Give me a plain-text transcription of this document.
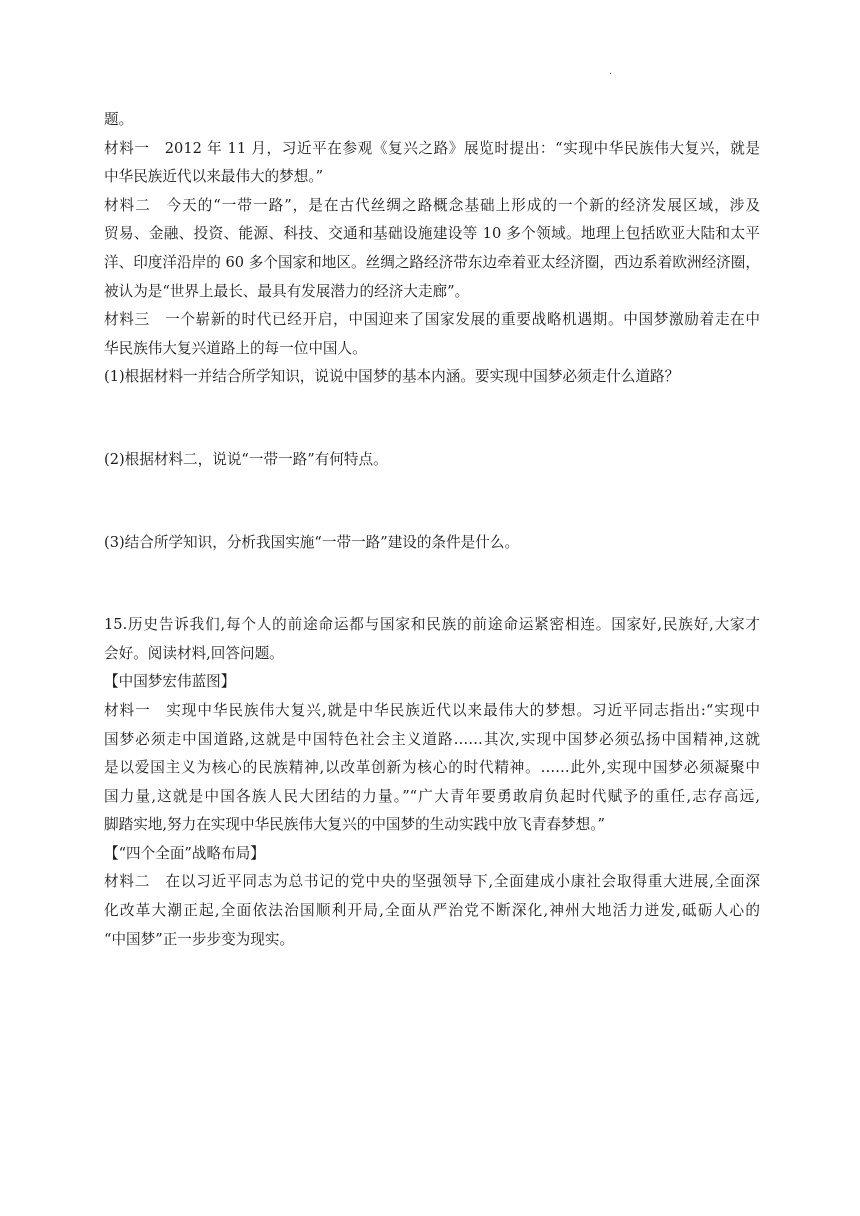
.
题。
材料一　2012 年 11 月，习近平在参观《复兴之路》展览时提出：“实现中华民族伟大复兴，就是
中华民族近代以来最伟大的梦想。”
材料二　今天的“一带一路”，是在古代丝绸之路概念基础上形成的一个新的经济发展区域，涉及
贸易、金融、投资、能源、科技、交通和基础设施建设等 10 多个领域。地理上包括欧亚大陆和太平
洋、印度洋沿岸的 60 多个国家和地区。丝绸之路经济带东边牵着亚太经济圈，西边系着欧洲经济圈，
被认为是“世界上最长、最具有发展潜力的经济大走廊”。
材料三　一个崭新的时代已经开启，中国迎来了国家发展的重要战略机遇期。中国梦激励着走在中
华民族伟大复兴道路上的每一位中国人。
(1)根据材料一并结合所学知识，说说中国梦的基本内涵。要实现中国梦必须走什么道路？
(2)根据材料二，说说“一带一路”有何特点。
(3)结合所学知识，分析我国实施“一带一路”建设的条件是什么。
15.历史告诉我们,每个人的前途命运都与国家和民族的前途命运紧密相连。国家好,民族好,大家才
会好。阅读材料,回答问题。
【中国梦宏伟蓝图】
材料一　实现中华民族伟大复兴,就是中华民族近代以来最伟大的梦想。习近平同志指出:“实现中
国梦必须走中国道路,这就是中国特色社会主义道路……其次,实现中国梦必须弘扬中国精神,这就
是以爱国主义为核心的民族精神,以改革创新为核心的时代精神。……此外,实现中国梦必须凝聚中
国力量,这就是中国各族人民大团结的力量。”“广大青年要勇敢肩负起时代赋予的重任,志存高远,
脚踏实地,努力在实现中华民族伟大复兴的中国梦的生动实践中放飞青春梦想。”
【“四个全面”战略布局】
材料二　在以习近平同志为总书记的党中央的坚强领导下,全面建成小康社会取得重大进展,全面深
化改革大潮正起,全面依法治国顺利开局,全面从严治党不断深化,神州大地活力迸发,砥砺人心的
“中国梦”正一步步变为现实。
